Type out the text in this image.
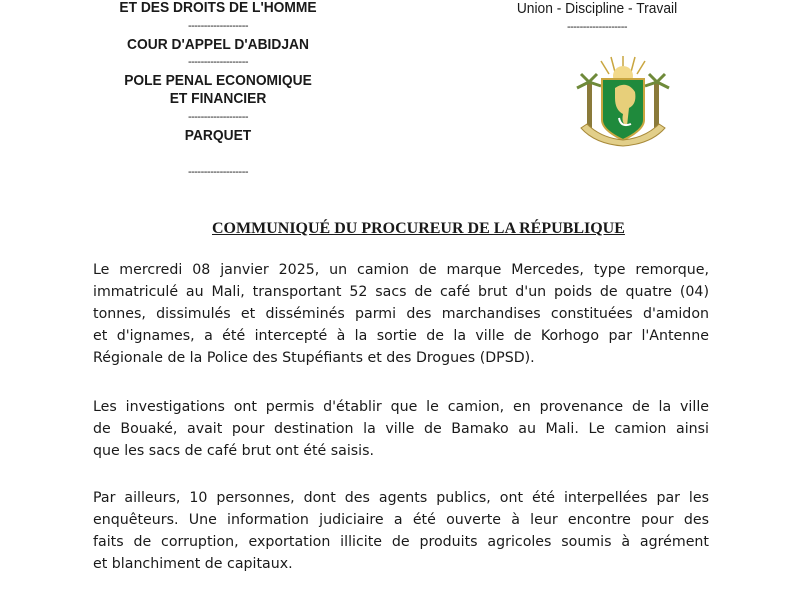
ET DES DROITS DE L'HOMME
-------------------
COUR D'APPEL D'ABIDJAN
-------------------
POLE PENAL ECONOMIQUE
ET FINANCIER
-------------------
PARQUET
-------------------
Union - Discipline - Travail
-------------------
COMMUNIQUÉ DU PROCUREUR DE LA RÉPUBLIQUE
Le mercredi 08 janvier 2025, un camion de marque Mercedes, type remorque,
immatriculé au Mali, transportant 52 sacs de café brut d'un poids de quatre (04)
tonnes, dissimulés et disséminés parmi des marchandises constituées d'amidon
et d'ignames, a été intercepté à la sortie de la ville de Korhogo par l'Antenne
Régionale de la Police des Stupéfiants et des Drogues (DPSD).
Les investigations ont permis d'établir que le camion, en provenance de la ville
de Bouaké, avait pour destination la ville de Bamako au Mali. Le camion ainsi
que les sacs de café brut ont été saisis.
Par ailleurs, 10 personnes, dont des agents publics, ont été interpellées par les
enquêteurs. Une information judiciaire a été ouverte à leur encontre pour des
faits de corruption, exportation illicite de produits agricoles soumis à agrément
et blanchiment de capitaux.
